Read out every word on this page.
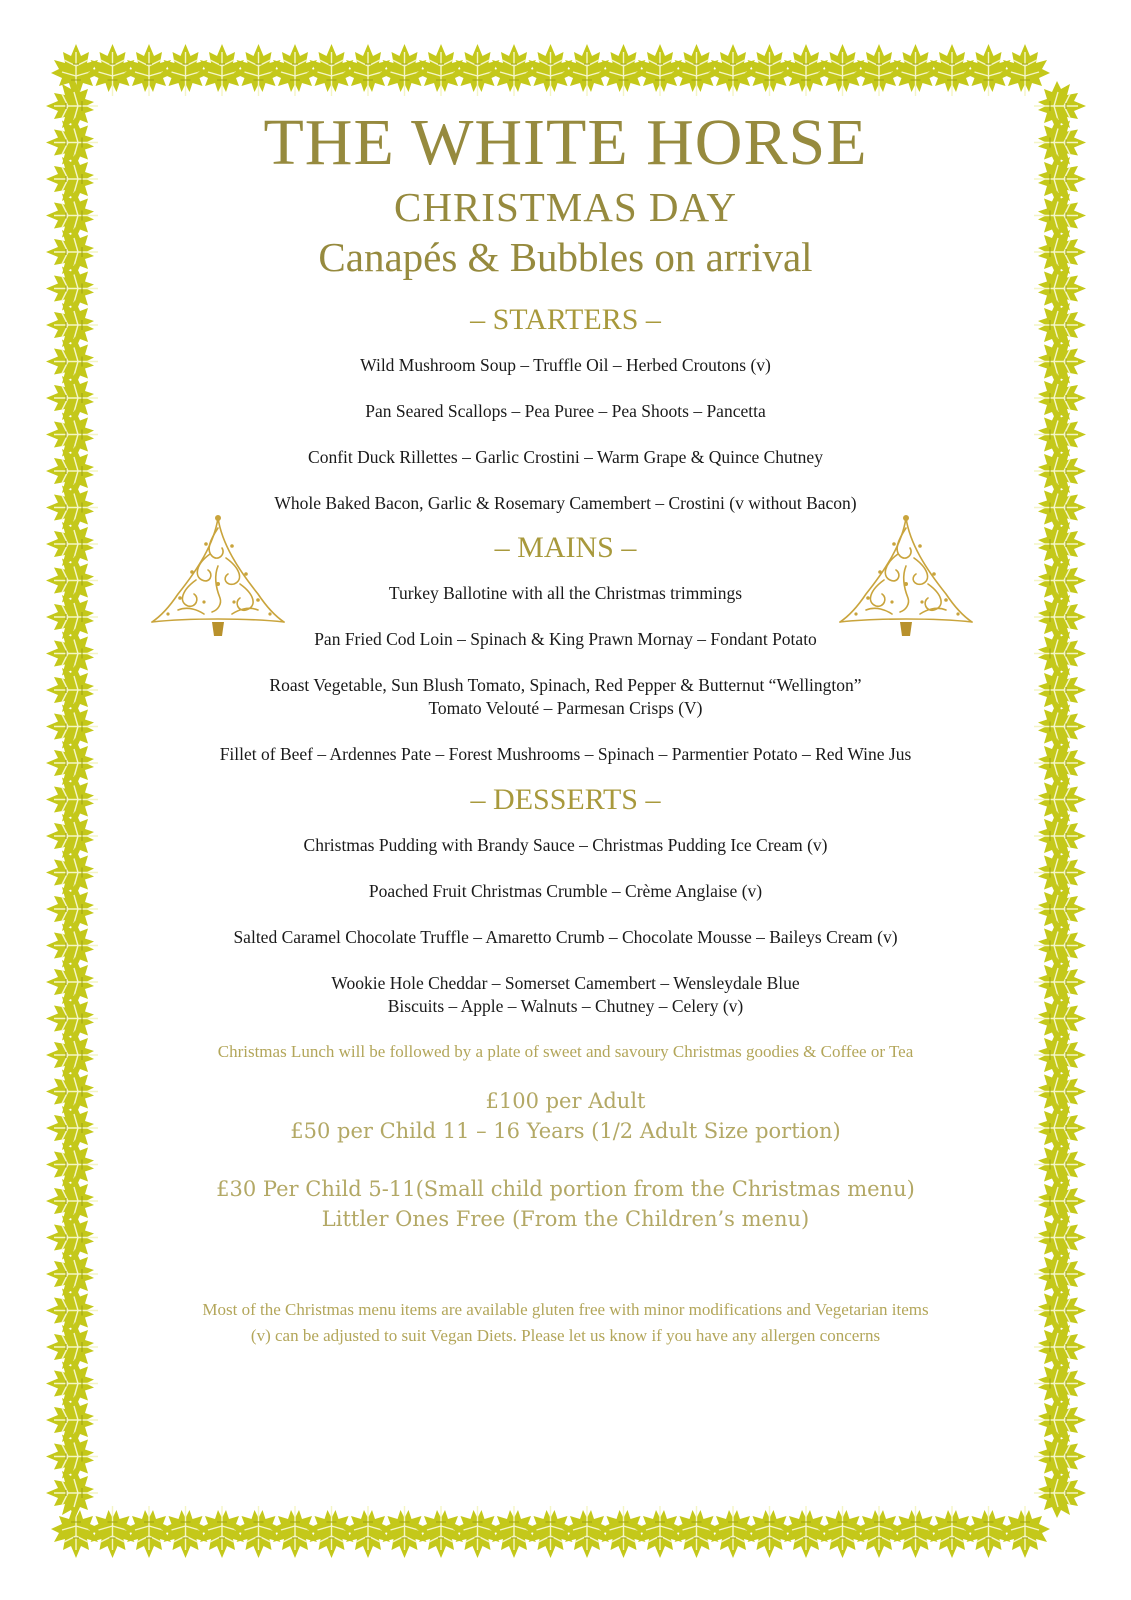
THE WHITE HORSE
CHRISTMAS DAY
Canapés & Bubbles on arrival
– STARTERS –
Wild Mushroom Soup – Truffle Oil – Herbed Croutons (v)
Pan Seared Scallops – Pea Puree – Pea Shoots – Pancetta
Confit Duck Rillettes – Garlic Crostini – Warm Grape & Quince Chutney
Whole Baked Bacon, Garlic & Rosemary Camembert – Crostini (v without Bacon)
– MAINS –
Turkey Ballotine with all the Christmas trimmings
Pan Fried Cod Loin – Spinach & King Prawn Mornay – Fondant Potato
Roast Vegetable, Sun Blush Tomato, Spinach, Red Pepper & Butternut “Wellington”
Tomato Velouté – Parmesan Crisps (V)
Fillet of Beef – Ardennes Pate – Forest Mushrooms – Spinach – Parmentier Potato – Red Wine Jus
– DESSERTS –
Christmas Pudding with Brandy Sauce – Christmas Pudding Ice Cream (v)
Poached Fruit Christmas Crumble – Crème Anglaise (v)
Salted Caramel Chocolate Truffle – Amaretto Crumb – Chocolate Mousse – Baileys Cream (v)
Wookie Hole Cheddar – Somerset Camembert – Wensleydale Blue
Biscuits – Apple – Walnuts – Chutney – Celery (v)
Christmas Lunch will be followed by a plate of sweet and savoury Christmas goodies & Coffee or Tea
£100 per Adult
£50 per Child 11 – 16 Years (1/2 Adult Size portion)
£30 Per Child 5-11(Small child portion from the Christmas menu)
Littler Ones Free (From the Children’s menu)
Most of the Christmas menu items are available gluten free with minor modifications and Vegetarian items
(v) can be adjusted to suit Vegan Diets. Please let us know if you have any allergen concerns
